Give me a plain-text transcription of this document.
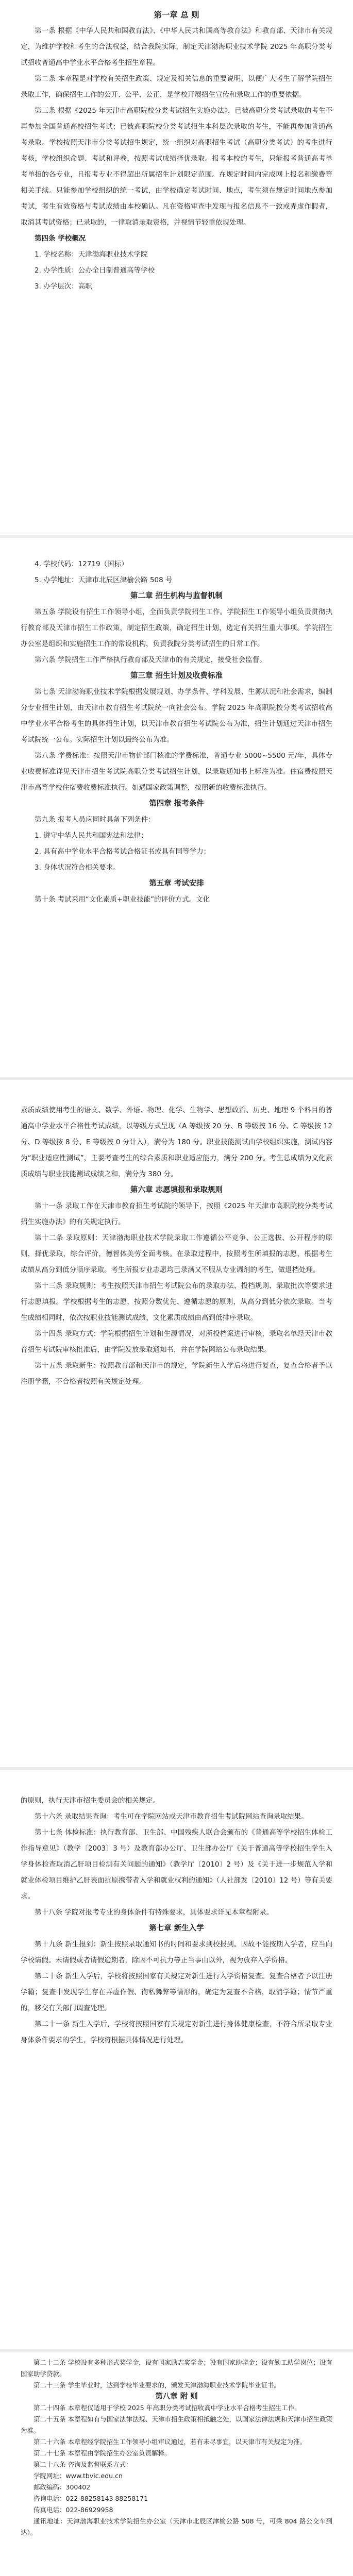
第一章 总 则

第一条 根据《中华人民共和国教育法》、《中华人民共和国高等教育法》和教育部、天津市有关规定，为维护学校和考生的合法权益，结合我院实际，制定天津渤海职业技术学院 2025 年高职分类考试招收普通高中学业水平合格考生招生章程。

第二条 本章程是对学校有关招生政策、规定及相关信息的重要说明，以便广大考生了解学院招生录取工作，确保招生工作的公开、公平、公正，是学校开展招生宣传和录取工作的重要依据。

第三条 根据《2025 年天津市高职院校分类考试招生实施办法》，已被高职分类考试录取的考生不再参加全国普通高校招生考试；已被高职院校分类考试招生本科层次录取的考生，不能再参加普通高考录取。学校按照天津市分类考试招生规定，统一组织对高职招生考试（高职分类考试）的考生进行考核，学校组织命题、考试和评卷，按照考试成绩择优录取。报考本校的考生，只能报考普通高考单考单招的各专业，且报考专业不得超出所属招生计划限定范围。在规定时间内完成网上报名和缴费等相关手续。只能参加学校组织的统一考试，由学校确定考试时间、地点，考生须在规定时间地点参加考试，考生有效资格与考试成绩由本校确认。凡在资格审查中发现与报名信息不一致或弄虚作假者，取消其考试资格；已录取的，一律取消录取资格，并视情节轻重依规处理。

第四条 学校概况

1. 学校名称：天津渤海职业技术学院

2. 办学性质：公办全日制普通高等学校

3. 办学层次：高职

4. 学校代码：12719（国标）

5. 办学地址：天津市北辰区津榆公路 508 号

第二章 招生机构与监督机制

第五条 学院设有招生工作领导小组，全面负责学院招生工作。学院招生工作领导小组负责贯彻执行教育部及天津市招生工作政策，制定招生政策，确定招生计划，选定有关招生重大事项。学院招生办公室是组织和实施招生工作的常设机构，负责我院分类考试招生的日常工作。

第六条 学院招生工作严格执行教育部及天津市的有关规定，接受社会监督。

第三章 招生计划及收费标准

第七条 天津渤海职业技术学院根据发展规划、办学条件、学科发展、生源状况和社会需求，编制分专业招生计划，由天津市教育招生考试院统一向社会公布。学院 2025 年高职院校分类考试招收高中学业水平合格考生的具体招生计划，以天津市教育招生考试院公布为准，招生计划通过天津市招生考试院统一公布。实际招生计划以最终公布为准。

第八条 学费标准：按照天津市物价部门核准的学费标准，普通专业 5000~5500 元/年，具体专业收费标准详见天津市招生考试院高职分类考试招生计划，以录取通知书上标注为准。住宿费按照天津市高等学校住宿费收费标准执行。如遇国家政策调整，按照新的收费标准执行。

第四章 报考条件

第九条 报考人员应同时具备下列条件：

1. 遵守中华人民共和国宪法和法律；

2. 具有高中学业水平合格考试合格证书或具有同等学力；

3. 身体状况符合相关要求。

第五章 考试安排

第十条 考试采用“文化素质+职业技能”的评价方式。文化

素质成绩使用考生的语文、数学、外语、物理、化学、生物学、思想政治、历史、地理 9 个科目的普通高中学业水平合格性考试成绩，以等级方式呈现（A 等级按 20 分、B 等级按 16 分、C 等级按 12 分、D 等级按 8 分、E 等级按 0 分计入），满分为 180 分。职业技能测试由学校组织实施，测试内容为“职业适应性测试”，主要考查考生的综合素质和职业适应能力，满分 200 分。考生总成绩为文化素质成绩与职业技能测试成绩之和，满分为 380 分。

第六章 志愿填报和录取规则

第十一条 录取工作在天津市教育招生考试院的领导下，按照《2025 年天津市高职院校分类考试招生实施办法》的有关规定执行。

第十二条 录取原则：天津渤海职业技术学院录取工作遵循公平竞争、公正选拔、公开程序的原则，择优录取，综合评价，德智体美劳全面考核。在录取过程中，按照考生所填报的志愿，根据考生成绩从高分到低分顺序录取。考生所报专业志愿均已录满又不服从专业调剂的考生，做退档处理。

第十三条 录取规则：考生按照天津市招生考试院公布的录取办法、投档规则、录取批次等要求进行志愿填报。学校根据考生的志愿，按照分数优先、遵循志愿的原则，从高分到低分依次录取。当考生成绩相同时，依次按职业技能测试成绩、文化素质成绩由高到低排序录取。

第十四条 录取方式：学院根据招生计划和生源情况，对所投档案进行审核，录取名单经天津市教育招生考试院审核批准后，由学院发放录取通知书，并在学院网站公布录取结果。

第十五条 录取新生：按照教育部和天津市的规定，学院新生入学后将进行复查，复查合格者予以注册学籍，不合格者按照有关规定处理。

的原则，执行天津市招生委员会的相关规定。

第十六条 录取结果查询：考生可在学院网站或天津市教育招生考试院网站查询录取结果。

第十七条 体检标准：执行教育部、卫生部、中国残疾人联合会颁布的《普通高等学校招生体检工作指导意见》（教学〔2003〕3 号）及教育部办公厅、卫生部办公厅《关于普通高等学校招生学生入学身体检查取消乙肝项目检测有关问题的通知》（教学厅〔2010〕2 号）及《关于进一步规范入学和就业体检项目维护乙肝表面抗原携带者入学和就业权利的通知》（人社部发〔2010〕12 号）等有关要求。

第十八条 学院对报考专业的身体条件有特殊要求，具体要求详见本章程附录。

第七章 新生入学

第十九条 新生报到：新生按照录取通知书的时间和要求到校报到。因故不能按期入学者，应当向学校请假。未请假或者请假逾期者，除因不可抗力等正当事由以外，视为放弃入学资格。

第二十条 新生入学后，学校将按照国家有关规定对新生进行入学资格复查。复查合格者予以注册学籍；复查中发现学生存在弄虚作假、徇私舞弊等情形的，确定为复查不合格，取消学籍；情节严重的，移交有关部门调查处理。

第二十一条 新生入学后，学校将按照国家有关规定对新生进行身体健康检查，不符合所录取专业身体条件要求的学生，学校将根据具体情况进行处理。

第二十二条 学校设有多种形式奖学金，设有国家励志奖学金；设有国家助学金；设有勤工助学岗位；设有国家助学贷款。

第二十三条 学生毕业时，达到学校毕业要求的，颁发天津渤海职业技术学院毕业证书。

第八章 附 则

第二十四条 本章程仅适用于学校 2025 年高职分类考试招收高中学业水平合格考生招生工作。

第二十五条 本章程如有与国家法律法规、天津市招生政策相抵触之处，以国家法律法规和天津市招生政策为准。

第二十六条 本章程经学院招生工作领导小组审议通过，若有未尽事宜，以天津市有关规定为准。

第二十七条 本章程由学院招生办公室负责解释。

第二十八条 咨询及监督联系方式：

学院网址：www.tbvic.edu.cn

邮政编码：300402

咨询电话：022-88258143 88258171

传真电话：022-86929958

通讯地址：天津渤海职业技术学院招生办公室（天津市北辰区津榆公路 508 号，可乘 804 路公交车到达）。
